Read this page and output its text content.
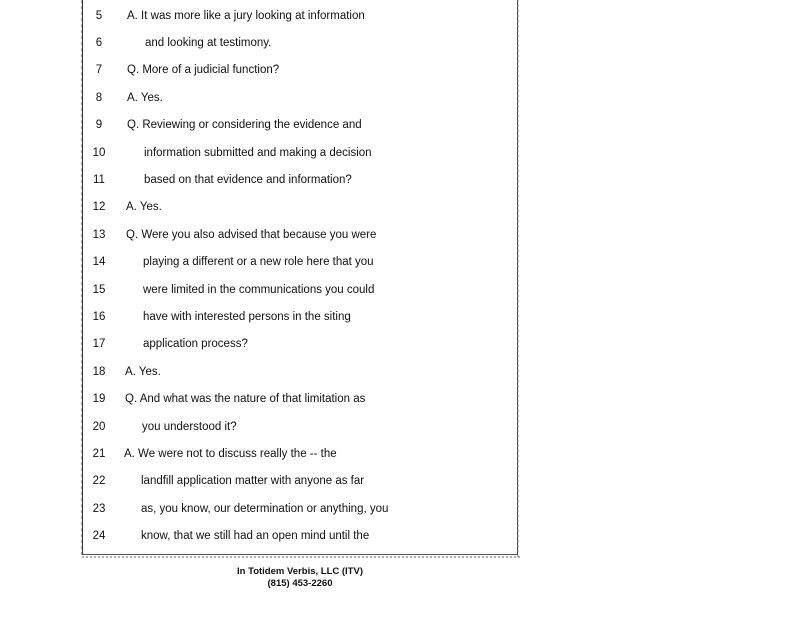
5	A. It was more like a jury looking at information
6	and looking at testimony.
7	Q. More of a judicial function?
8	A. Yes.
9	Q. Reviewing or considering the evidence and
10	information submitted and making a decision
11	based on that evidence and information?
12	A. Yes.
13	Q. Were you also advised that because you were
14	playing a different or a new role here that you
15	were limited in the communications you could
16	have with interested persons in the siting
17	application process?
18	A. Yes.
19	Q. And what was the nature of that limitation as
20	you understood it?
21	A. We were not to discuss really the -- the
22	landfill application matter with anyone as far
23	as, you know, our determination or anything, you
24	know, that we still had an open mind until the
In Totidem Verbis, LLC (ITV)
(815) 453-2260
